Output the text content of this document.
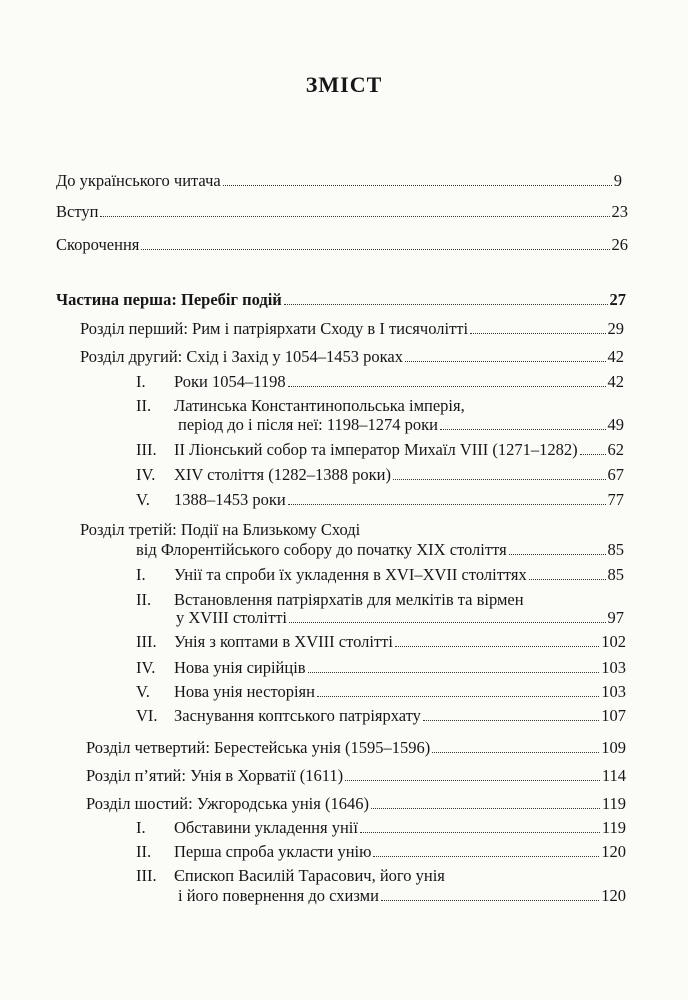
ЗМІСТ
До українського читача	9
Вступ	23
Скорочення	26
Частина перша: Перебіг подій	27
Розділ перший: Рим і патріярхати Сходу в І тисячолітті	29
Розділ другий: Схід і Захід у 1054–1453 роках	42
I.	Роки 1054–1198	42
II. Латинська Константинопольська імперія,
період до і після неї: 1198–1274 роки	49
III.	ІІ Ліонський собор та імператор Михаїл VIII (1271–1282) 62
IV.	XIV століття (1282–1388 роки)	67
V.	1388–1453 роки	77
Розділ третій: Події на Близькому Сході
від Флорентійського собору до початку XIX століття	85
I.	Унії та спроби їх укладення в XVI–XVII століттях	85
II. Встановлення патріярхатів для мелкітів та вірмен
у XVIII столітті	97
III.	Унія з коптами в XVIII столітті	102
IV.	Нова унія сирійців	103
V.	Нова унія несторіян	103
VI. Заснування коптського патріярхату	107
Розділ четвертий: Берестейська унія (1595–1596)	109
Розділ п’ятий: Унія в Хорватії (1611)	114
Розділ шостий: Ужгородська унія (1646)	119
I.	Обставини укладення унії	119
II.	Перша спроба укласти унію	120
III. Єпископ Василій Тарасович, його унія
і його повернення до схизми	120
